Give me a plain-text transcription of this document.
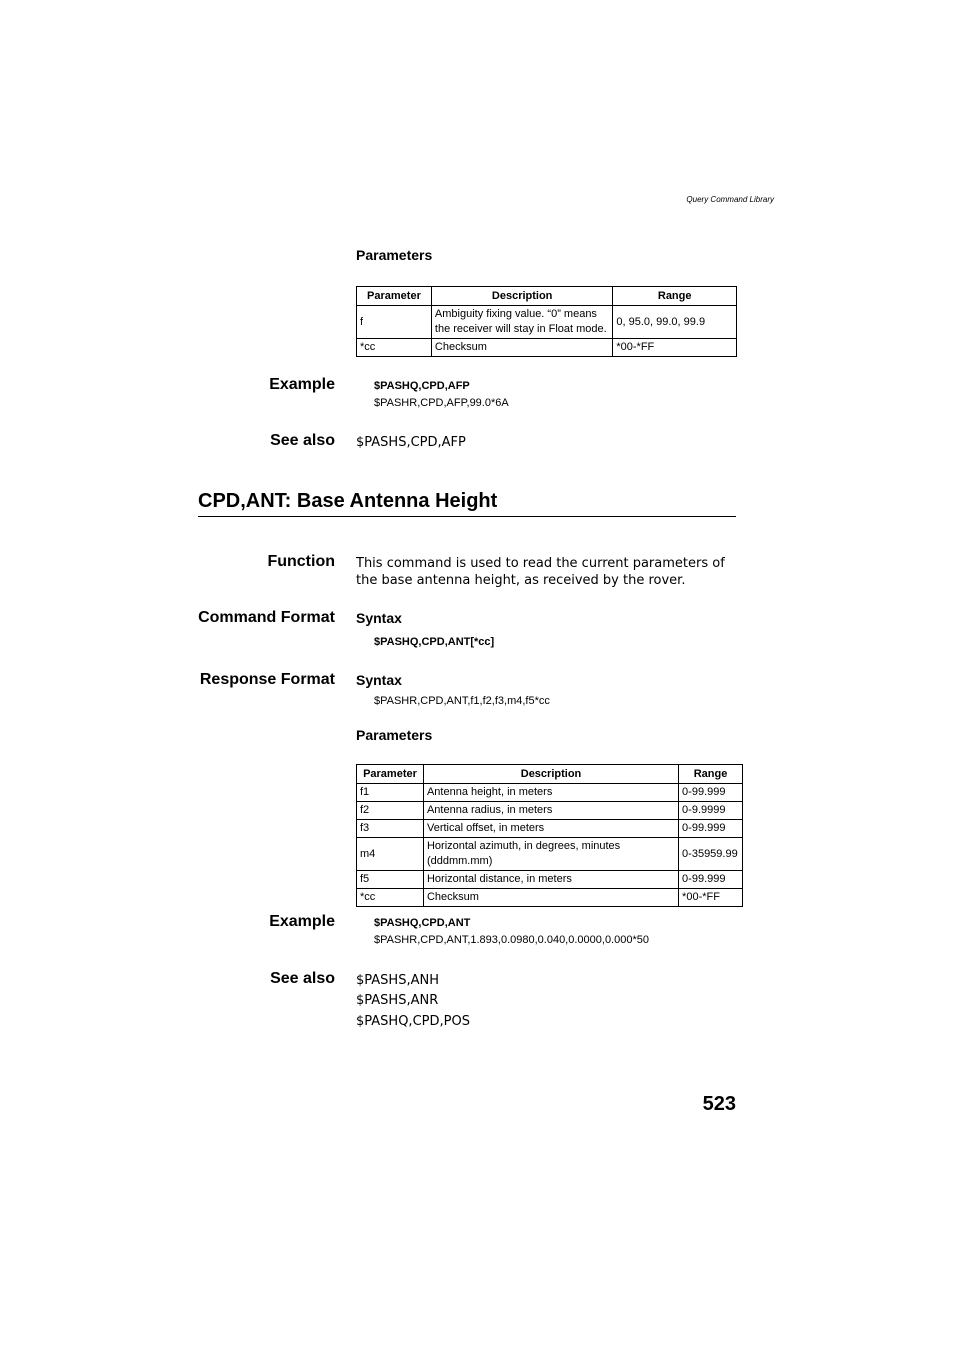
Query Command Library
Parameters
Parameter	Description	Range
f	Ambiguity fixing value. “0” means the receiver will stay in Float mode.	0, 95.0, 99.0, 99.9
*cc	Checksum	*00-*FF
Example	$PASHQ,CPD,AFP
$PASHR,CPD,AFP,99.0*6A
See also $PASHS,CPD,AFP
CPD,ANT: Base Antenna Height
Function This command is used to read the current parameters of the base antenna height, as received by the rover.
Command Format Syntax
$PASHQ,CPD,ANT[*cc]
Response Format Syntax
$PASHR,CPD,ANT,f1,f2,f3,m4,f5*cc
Parameters
Parameter	Description	Range
f1	Antenna height, in meters	0-99.999
f2	Antenna radius, in meters	0-9.9999
f3	Vertical offset, in meters	0-99.999
m4	Horizontal azimuth, in degrees, minutes (dddmm.mm)	0-35959.99
f5	Horizontal distance, in meters	0-99.999
*cc	Checksum	*00-*FF
Example	$PASHQ,CPD,ANT
$PASHR,CPD,ANT,1.893,0.0980,0.040,0.0000,0.000*50
See also $PASHS,ANH
$PASHS,ANR
$PASHQ,CPD,POS
523
